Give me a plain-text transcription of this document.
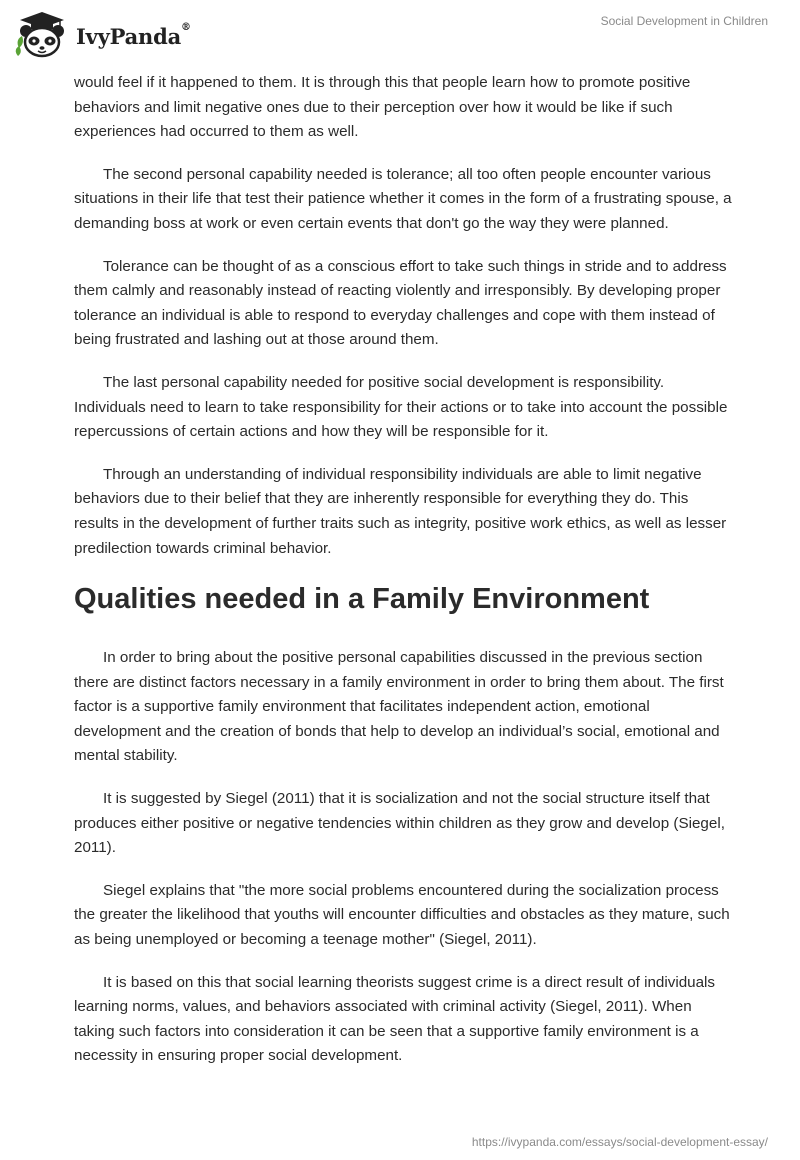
IvyPanda®	Social Development in Children

would feel if it happened to them. It is through this that people learn how to promote positive behaviors and limit negative ones due to their perception over how it would be like if such experiences had occurred to them as well.

The second personal capability needed is tolerance; all too often people encounter various situations in their life that test their patience whether it comes in the form of a frustrating spouse, a demanding boss at work or even certain events that don't go the way they were planned.

Tolerance can be thought of as a conscious effort to take such things in stride and to address them calmly and reasonably instead of reacting violently and irresponsibly. By developing proper tolerance an individual is able to respond to everyday challenges and cope with them instead of being frustrated and lashing out at those around them.

The last personal capability needed for positive social development is responsibility. Individuals need to learn to take responsibility for their actions or to take into account the possible repercussions of certain actions and how they will be responsible for it.

Through an understanding of individual responsibility individuals are able to limit negative behaviors due to their belief that they are inherently responsible for everything they do. This results in the development of further traits such as integrity, positive work ethics, as well as lesser predilection towards criminal behavior.

Qualities needed in a Family Environment

In order to bring about the positive personal capabilities discussed in the previous section there are distinct factors necessary in a family environment in order to bring them about. The first factor is a supportive family environment that facilitates independent action, emotional development and the creation of bonds that help to develop an individual’s social, emotional and mental stability.

It is suggested by Siegel (2011) that it is socialization and not the social structure itself that produces either positive or negative tendencies within children as they grow and develop (Siegel, 2011).

Siegel explains that "the more social problems encountered during the socialization process the greater the likelihood that youths will encounter difficulties and obstacles as they mature, such as being unemployed or becoming a teenage mother" (Siegel, 2011).

It is based on this that social learning theorists suggest crime is a direct result of individuals learning norms, values, and behaviors associated with criminal activity (Siegel, 2011). When taking such factors into consideration it can be seen that a supportive family environment is a necessity in ensuring proper social development.

https://ivypanda.com/essays/social-development-essay/
